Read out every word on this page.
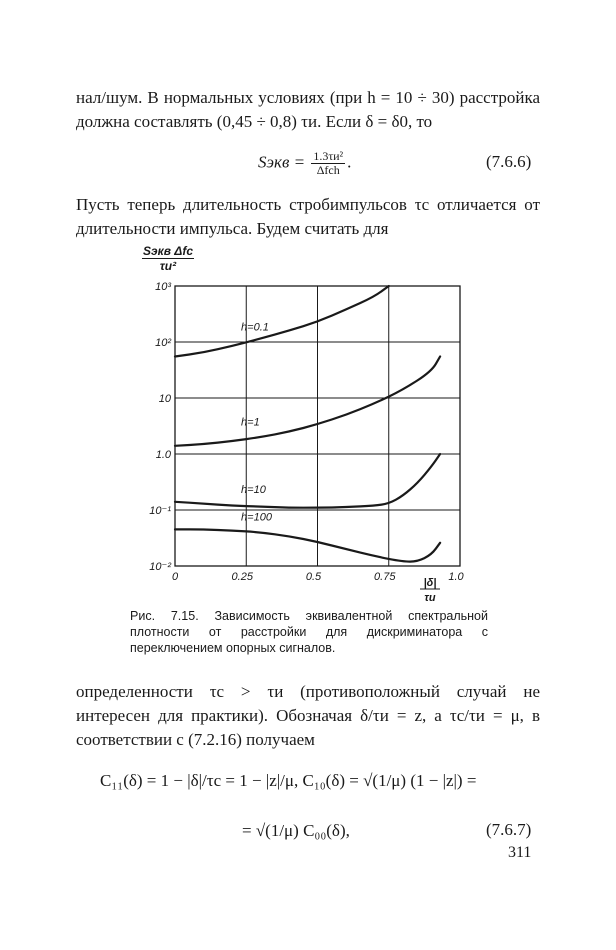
нал/шум. В нормальных условиях (при h = 10 ÷ 30) расстройка должна составлять (0,45 ÷ 0,8) τи. Если δ = δ0, то

Sэкв = $\frac{\text{1.3τи²}}{\text{Δfсh}}$ .	(7.6.6)

Пусть теперь длительность стробимпульсов τс отличается от длительности импульса. Будем считать для

Sэкв Δfс
τи²
0	0.25	0.5	0.75	1.0
10³
10²
10
1.0
10⁻¹
10⁻²
h=0.1
h=1
h=10
h=100
|δ|
τи

Рис. 7.15. Зависимость эквивалентной спектральной плотности от расстройки для дискриминатора с переключением опорных сигналов.

определенности τс > τи (противоположный случай не интересен для практики). Обозначая δ/τи = z, а τс/τи = μ, в соответствии с (7.2.16) получаем

C₁₁(δ) = 1 − |δ|/τс = 1 − |z|/μ, C₁₀(δ) = √(1/μ) (1 − |z|) =
= √(1/μ) C₀₀(δ),	(7.6.7)
311
